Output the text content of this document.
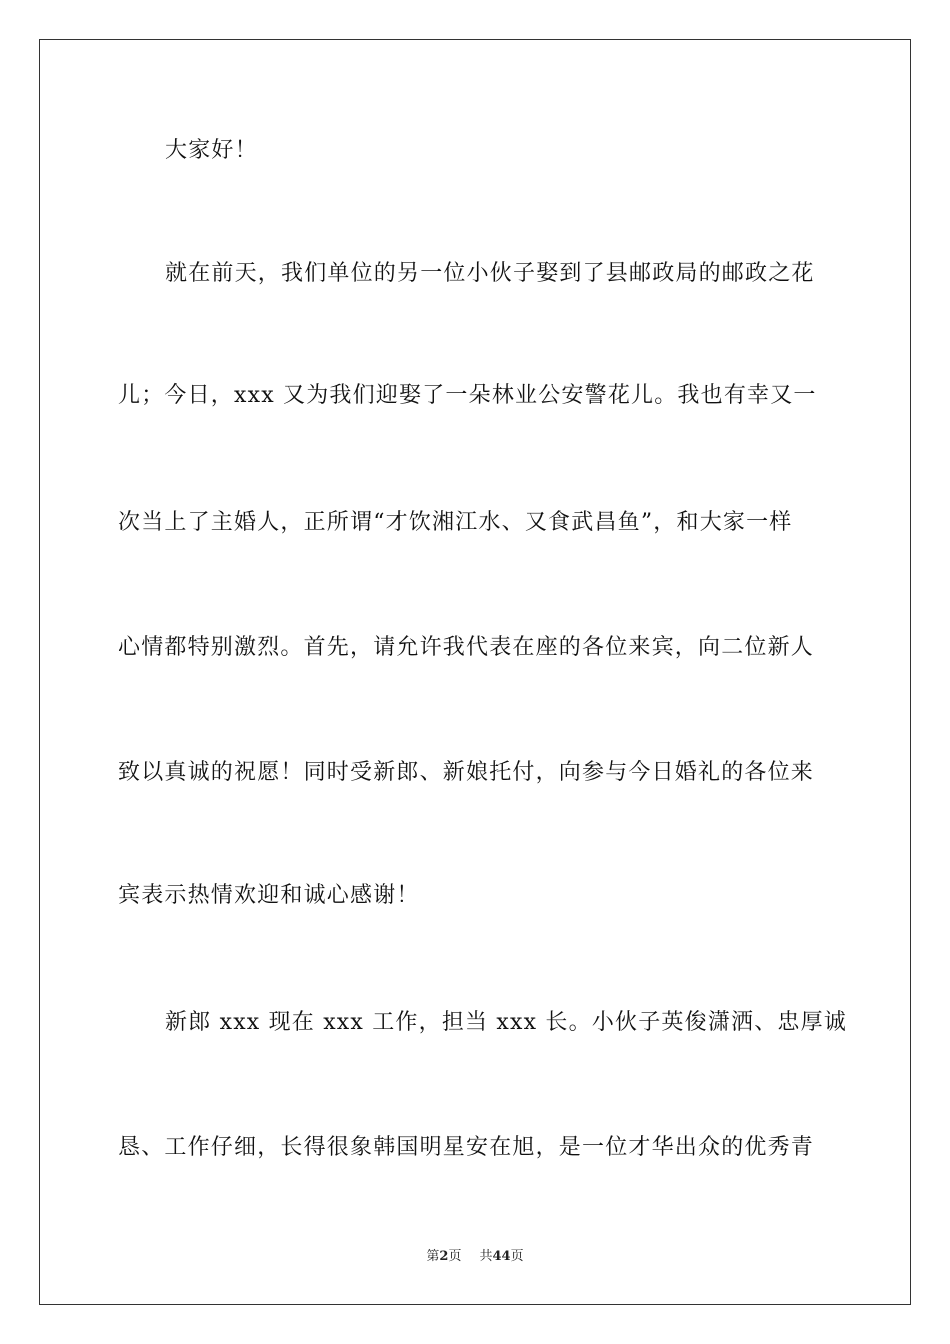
大家好！
就在前天，我们单位的另一位小伙子娶到了县邮政局的邮政之花
儿；今日，xxx 又为我们迎娶了一朵林业公安警花儿。我也有幸又一
次当上了主婚人，正所谓“才饮湘江水、又食武昌鱼”，和大家一样
心情都特别激烈。首先，请允许我代表在座的各位来宾，向二位新人
致以真诚的祝愿！同时受新郎、新娘托付，向参与今日婚礼的各位来
宾表示热情欢迎和诚心感谢！
新郎 xxx 现在 xxx 工作，担当 xxx 长。小伙子英俊潇洒、忠厚诚
恳、工作仔细，长得很象韩国明星安在旭，是一位才华出众的优秀青
第2页 共44页
